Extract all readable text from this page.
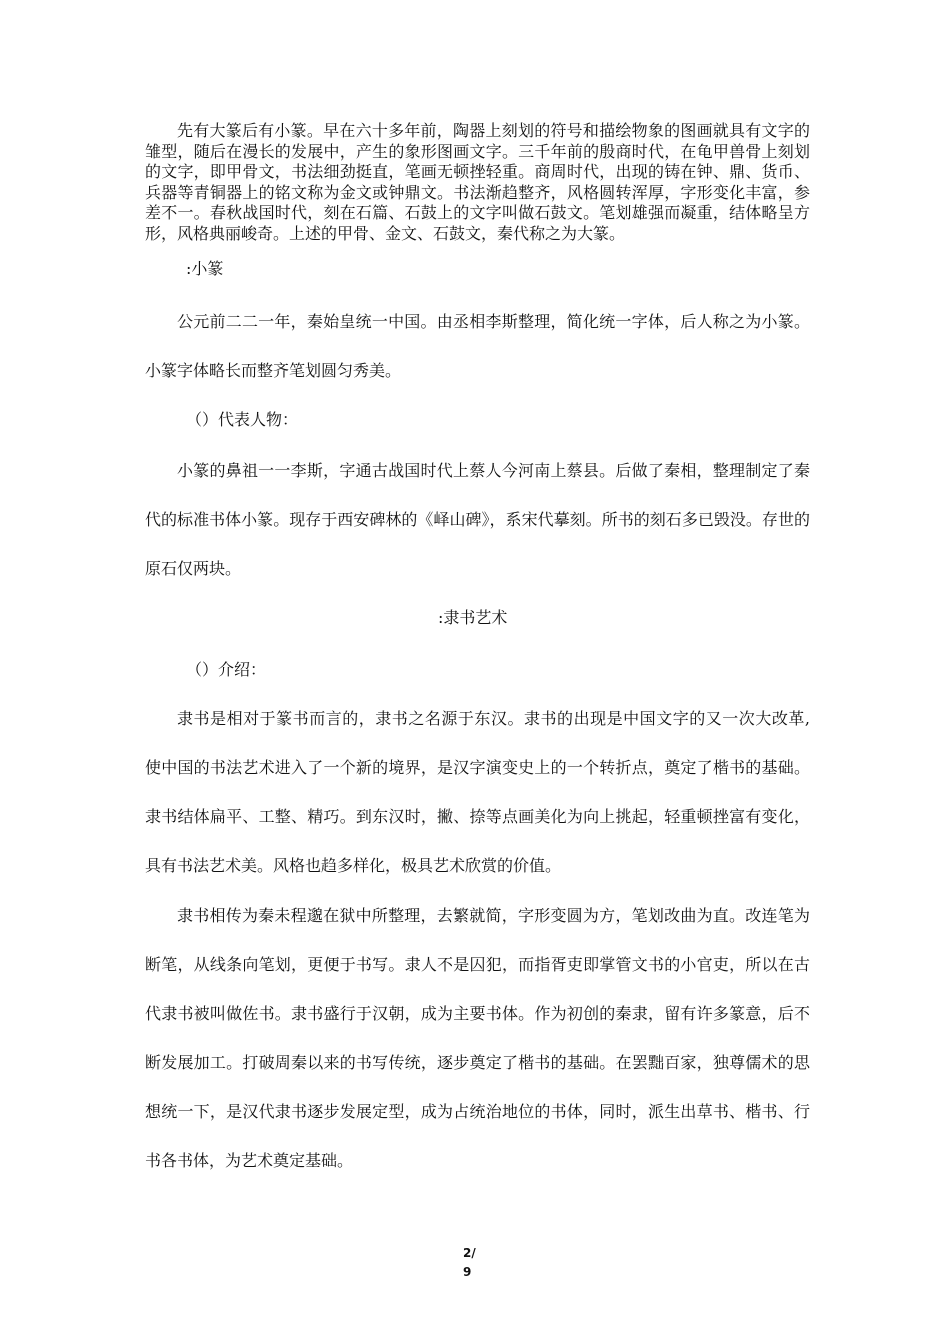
先有大篆后有小篆。早在六十多年前，陶器上刻划的符号和描绘物象的图画就具有文字的雏型，随后在漫长的发展中，产生的象形图画文字。三千年前的殷商时代，在龟甲兽骨上刻划的文字，即甲骨文，书法细劲挺直，笔画无顿挫轻重。商周时代，出现的铸在钟、鼎、货币、兵器等青铜器上的铭文称为金文或钟鼎文。书法渐趋整齐，风格圆转浑厚，字形变化丰富，参差不一。春秋战国时代，刻在石篇、石鼓上的文字叫做石鼓文。笔划雄强而凝重，结体略呈方形，风格典丽峻奇。上述的甲骨、金文、石鼓文，秦代称之为大篆。

:小篆

公元前二二一年，秦始皇统一中国。由丞相李斯整理，简化统一字体，后人称之为小篆。小篆字体略长而整齐笔划圆匀秀美。

（）代表人物：

小篆的鼻祖一一李斯，字通古战国时代上蔡人今河南上蔡县。后做了秦相，整理制定了秦代的标准书体小篆。现存于西安碑林的《峄山碑》，系宋代摹刻。所书的刻石多已毁没。存世的原石仅两块。

:隶书艺术

（）介绍：

隶书是相对于篆书而言的，隶书之名源于东汉。隶书的出现是中国文字的又一次大改革, 使中国的书法艺术进入了一个新的境界，是汉字演变史上的一个转折点，奠定了楷书的基础。隶书结体扁平、工整、精巧。到东汉时，撇、捺等点画美化为向上挑起，轻重顿挫富有变化，具有书法艺术美。风格也趋多样化，极具艺术欣赏的价值。

隶书相传为秦未程邈在狱中所整理，去繁就简，字形变圆为方，笔划改曲为直。改连笔为断笔，从线条向笔划，更便于书写。隶人不是囚犯，而指胥吏即掌管文书的小官吏，所以在古代隶书被叫做佐书。隶书盛行于汉朝，成为主要书体。作为初创的秦隶，留有许多篆意，后不断发展加工。打破周秦以来的书写传统，逐步奠定了楷书的基础。在罢黜百家，独尊儒术的思想统一下，是汉代隶书逐步发展定型，成为占统治地位的书体，同时，派生出草书、楷书、行书各书体，为艺术奠定基础。

2/
9
